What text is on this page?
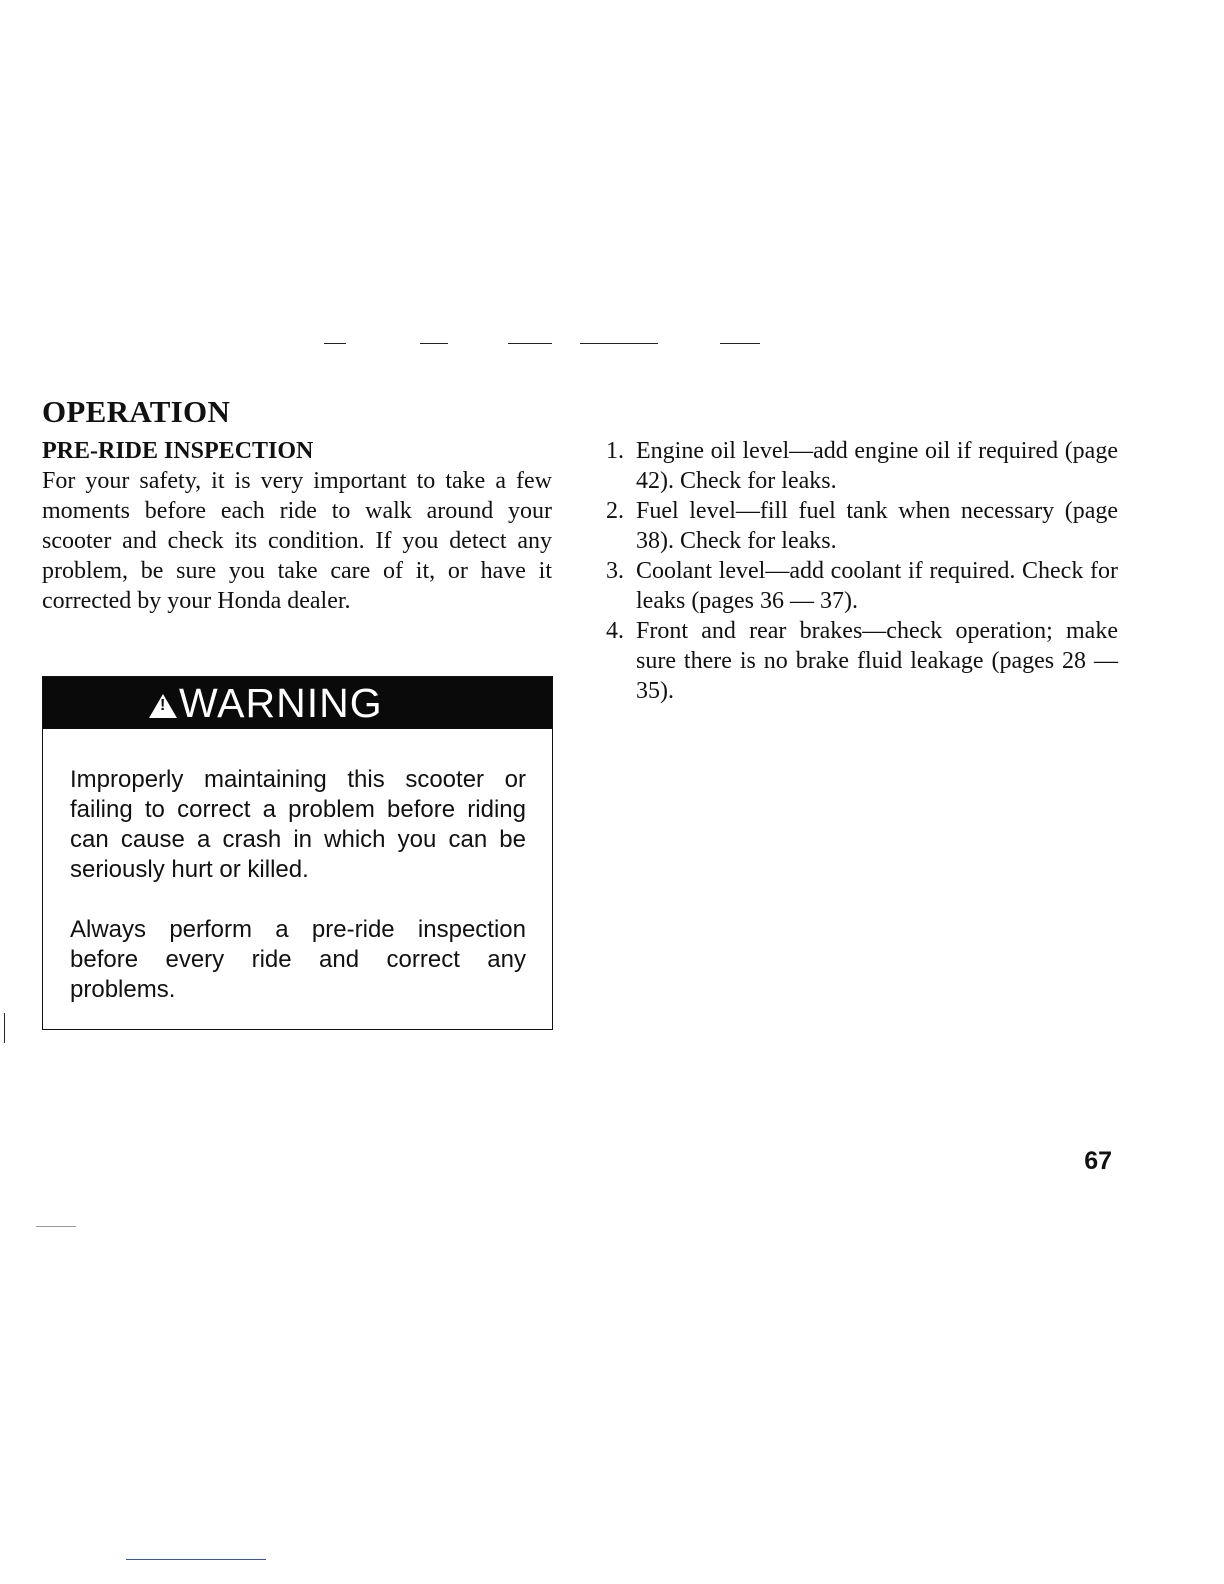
OPERATION
PRE-RIDE INSPECTION

For your safety, it is very important to take a few moments before each ride to walk around your scooter and check its condition. If you detect any problem, be sure you take care of it, or have it corrected by your Honda dealer.

!
WARNING

Improperly maintaining this scooter or failing to correct a problem before riding can cause a crash in which you can be seriously hurt or killed.

Always perform a pre-ride inspection before every ride and correct any problems.

1. Engine oil level—add engine oil if required (page 42). Check for leaks.
2. Fuel level—fill fuel tank when necessary (page 38). Check for leaks.
3. Coolant level—add coolant if required. Check for leaks (pages 36 — 37).
4. Front and rear brakes—check operation; make sure there is no brake fluid leakage (pages 28 — 35).

67
